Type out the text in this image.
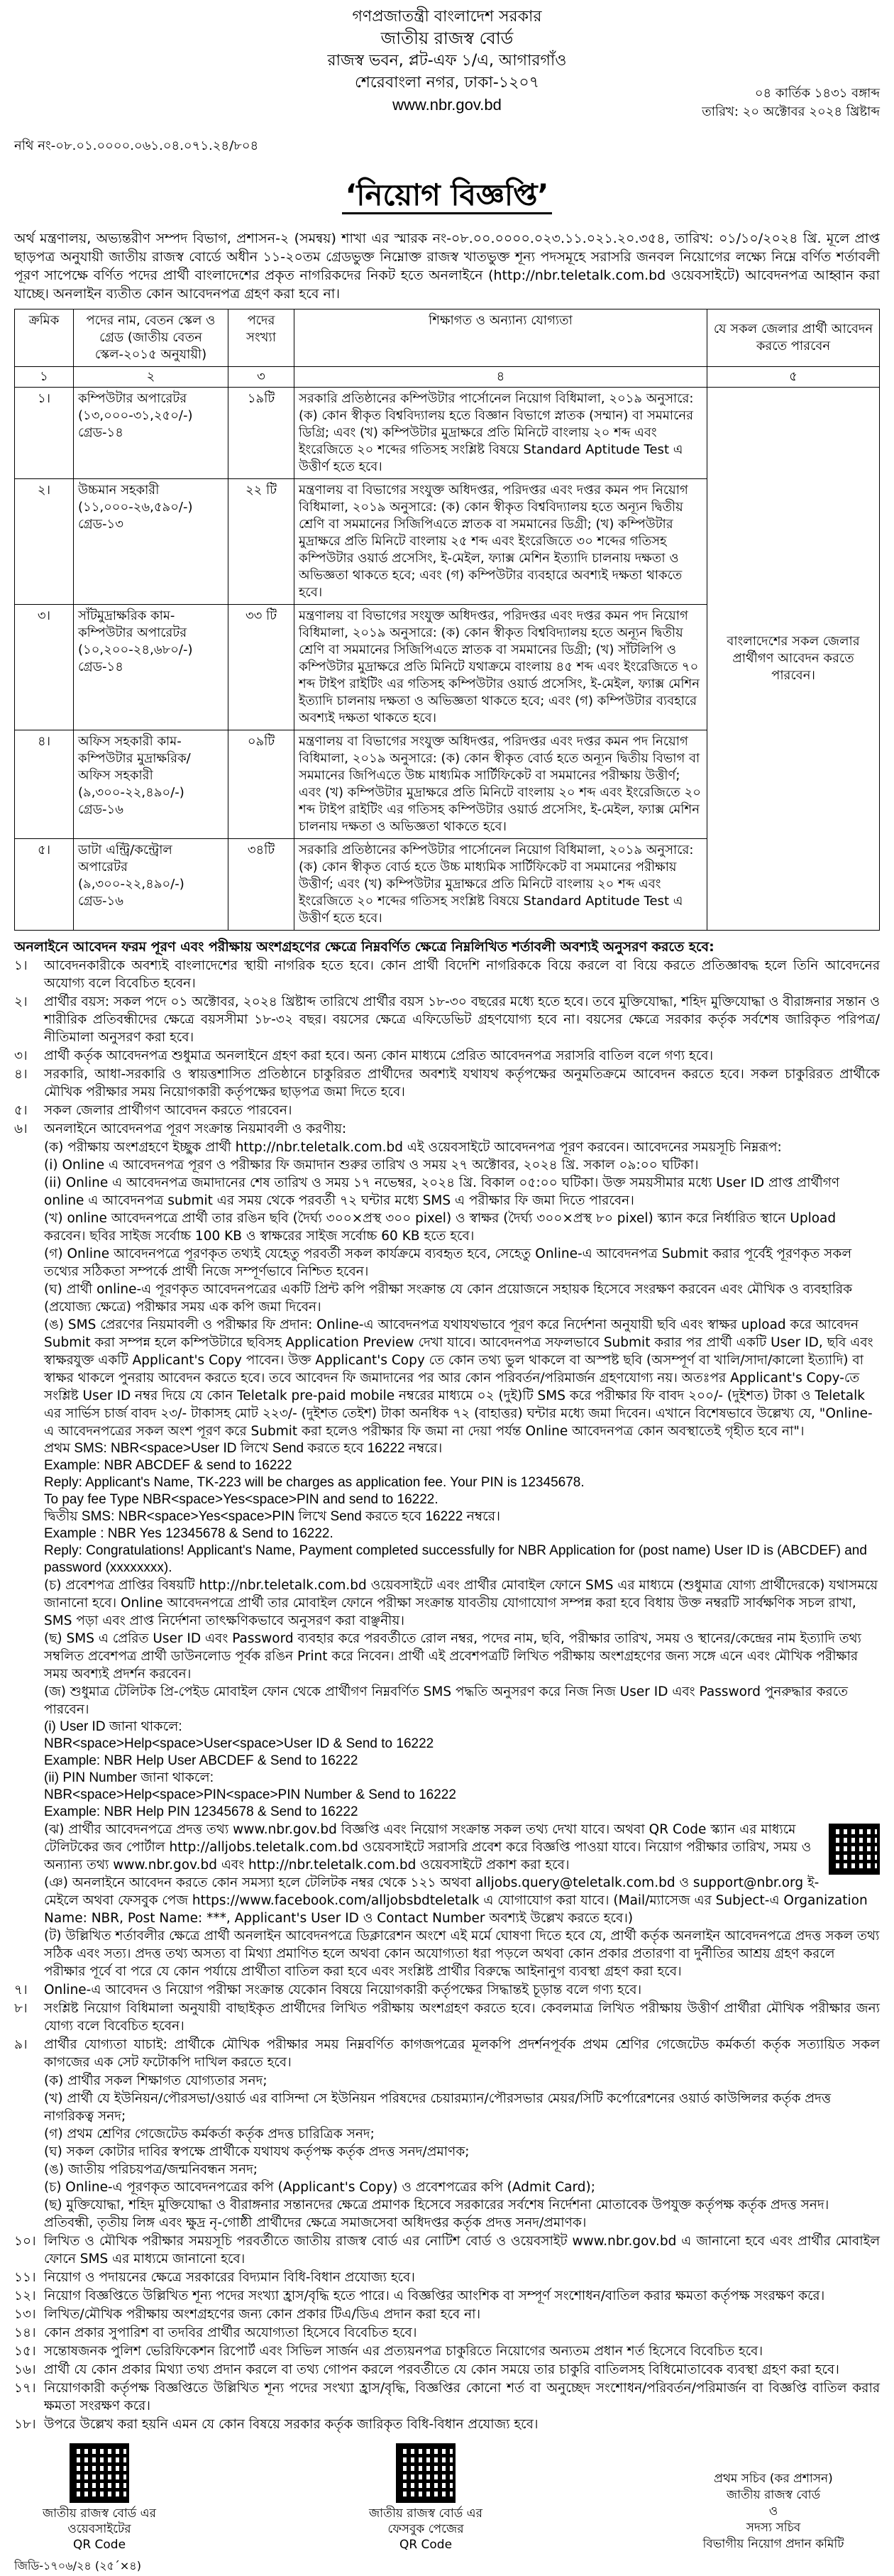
গণপ্রজাতন্ত্রী বাংলাদেশ সরকার
জাতীয় রাজস্ব বোর্ড
রাজস্ব ভবন, প্লট-এফ ১/এ, আগারগাঁও
শেরেবাংলা নগর, ঢাকা-১২০৭
www.nbr.gov.bd
০৪ কার্তিক ১৪৩১ বঙ্গাব্দ
তারিখ: ২০ অক্টোবর ২০২৪ খ্রিষ্টাব্দ
নথি নং-০৮.০১.০০০০.০৬১.০৪.০৭১.২৪/৮০৪
‘নিয়োগ বিজ্ঞপ্তি’
অর্থ মন্ত্রণালয়, অভ্যন্তরীণ সম্পদ বিভাগ, প্রশাসন-২ (সমন্বয়) শাখা এর স্মারক নং-০৮.০০.০০০০.০২৩.১১.০২১.২০.৩৫৪, তারিখ: ০১/১০/২০২৪ খ্রি. মূলে প্রাপ্ত ছাড়পত্র অনুযায়ী জাতীয় রাজস্ব বোর্ডে অধীন ১১-২০তম গ্রেডভুক্ত নিম্নোক্ত রাজস্ব খাতভুক্ত শূন্য পদসমূহে সরাসরি জনবল নিয়োগের লক্ষ্যে নিম্নে বর্ণিত শর্তাবলী পূরণ সাপেক্ষে বর্ণিত পদের প্রার্থী বাংলাদেশের প্রকৃত নাগরিকদের নিকট হতে অনলাইনে (http://nbr.teletalk.com.bd ওয়েবসাইটে) আবেদনপত্র আহ্বান করা যাচ্ছে। অনলাইন ব্যতীত কোন আবেদনপত্র গ্রহণ করা হবে না।
ক্রমিক	পদের নাম, বেতন স্কেল ও গ্রেড (জাতীয় বেতন স্কেল-২০১৫ অনুযায়ী)	পদের সংখ্যা	শিক্ষাগত ও অন্যান্য যোগ্যতা	যে সকল জেলার প্রার্থী আবেদন করতে পারবেন
১	২	৩	৪	৫
১।	কম্পিউটার অপারেটর (১৩,০০০-৩১,২৫০/-) গ্রেড-১৪	১৯টি	সরকারি প্রতিষ্ঠানের কম্পিউটার পার্সোনেল নিয়োগ বিধিমালা, ২০১৯ অনুসারে: (ক) কোন স্বীকৃত বিশ্ববিদ্যালয় হতে বিজ্ঞান বিভাগে স্নাতক (সম্মান) বা সমমানের ডিগ্রি; এবং (খ) কম্পিউটার মুদ্রাক্ষরে প্রতি মিনিটে বাংলায় ২০ শব্দ এবং ইংরেজিতে ২০ শব্দের গতিসহ সংশ্লিষ্ট বিষয়ে Standard Aptitude Test এ উত্তীর্ণ হতে হবে।	বাংলাদেশের সকল জেলার প্রার্থীগণ আবেদন করতে পারবেন।
২।	উচ্চমান সহকারী (১১,০০০-২৬,৫৯০/-) গ্রেড-১৩	২২ টি	মন্ত্রণালয় বা বিভাগের সংযুক্ত অধিদপ্তর, পরিদপ্তর এবং দপ্তর কমন পদ নিয়োগ বিধিমালা, ২০১৯ অনুসারে: (ক) কোন স্বীকৃত বিশ্ববিদ্যালয় হতে অন্যূন দ্বিতীয় শ্রেণি বা সমমানের সিজিপিএতে স্নাতক বা সমমানের ডিগ্রী; (খ) কম্পিউটার মুদ্রাক্ষরে প্রতি মিনিটে বাংলায় ২৫ শব্দ এবং ইংরেজিতে ৩০ শব্দের গতিসহ কম্পিউটার ওয়ার্ড প্রসেসিং, ই-মেইল, ফ্যাক্স মেশিন ইত্যাদি চালনায় দক্ষতা ও অভিজ্ঞতা থাকতে হবে; এবং (গ) কম্পিউটার ব্যবহারে অবশ্যই দক্ষতা থাকতে হবে।	
৩।	সাঁটমুদ্রাক্ষরিক কাম-কম্পিউটার অপারেটর (১০,২০০-২৪,৬৮০/-) গ্রেড-১৪	৩৩ টি	মন্ত্রণালয় বা বিভাগের সংযুক্ত অধিদপ্তর, পরিদপ্তর এবং দপ্তর কমন পদ নিয়োগ বিধিমালা, ২০১৯ অনুসারে: (ক) কোন স্বীকৃত বিশ্ববিদ্যালয় হতে অন্যূন দ্বিতীয় শ্রেণি বা সমমানের সিজিপিএতে স্নাতক বা সমমানের ডিগ্রী; (খ) সাঁটলিপি ও কম্পিউটার মুদ্রাক্ষরে প্রতি মিনিটে যথাক্রমে বাংলায় ৪৫ শব্দ এবং ইংরেজিতে ৭০ শব্দ টাইপ রাইটিং এর গতিসহ কম্পিউটার ওয়ার্ড প্রসেসিং, ই-মেইল, ফ্যাক্স মেশিন ইত্যাদি চালনায় দক্ষতা ও অভিজ্ঞতা থাকতে হবে; এবং (গ) কম্পিউটার ব্যবহারে অবশ্যই দক্ষতা থাকতে হবে।	
৪।	অফিস সহকারী কাম-কম্পিউটার মুদ্রাক্ষরিক/ অফিস সহকারী (৯,৩০০-২২,৪৯০/-) গ্রেড-১৬	০৯টি	মন্ত্রণালয় বা বিভাগের সংযুক্ত অধিদপ্তর, পরিদপ্তর এবং দপ্তর কমন পদ নিয়োগ বিধিমালা, ২০১৯ অনুসারে: (ক) কোন স্বীকৃত বোর্ড হতে অন্যূন দ্বিতীয় বিভাগ বা সমমানের জিপিএতে উচ্চ মাধ্যমিক সার্টিফিকেট বা সমমানের পরীক্ষায় উত্তীর্ণ; এবং (খ) কম্পিউটার মুদ্রাক্ষরে প্রতি মিনিটে বাংলায় ২০ শব্দ এবং ইংরেজিতে ২০ শব্দ টাইপ রাইটিং এর গতিসহ কম্পিউটার ওয়ার্ড প্রসেসিং, ই-মেইল, ফ্যাক্স মেশিন চালনায় দক্ষতা ও অভিজ্ঞতা থাকতে হবে।	
৫।	ডাটা এন্ট্রি/কন্ট্রোল অপারেটর (৯,৩০০-২২,৪৯০/-) গ্রেড-১৬	৩৪টি	সরকারি প্রতিষ্ঠানের কম্পিউটার পার্সোনেল নিয়োগ বিধিমালা, ২০১৯ অনুসারে: (ক) কোন স্বীকৃত বোর্ড হতে উচ্চ মাধ্যমিক সার্টিফিকেট বা সমমানের পরীক্ষায় উত্তীর্ণ; এবং (খ) কম্পিউটার মুদ্রাক্ষরে প্রতি মিনিটে বাংলায় ২০ শব্দ এবং ইংরেজিতে ২০ শব্দের গতিসহ সংশ্লিষ্ট বিষয়ে Standard Aptitude Test এ উত্তীর্ণ হতে হবে।	
অনলাইনে আবেদন ফরম পূরণ এবং পরীক্ষায় অংশগ্রহণের ক্ষেত্রে নিম্নবর্ণিত ক্ষেত্রে নিম্নলিখিত শর্তাবলী অবশ্যই অনুসরণ করতে হবে:
১।	আবেদনকারীকে অবশ্যই বাংলাদেশের স্থায়ী নাগরিক হতে হবে। কোন প্রার্থী বিদেশি নাগরিককে বিয়ে করলে বা বিয়ে করতে প্রতিজ্ঞাবদ্ধ হলে তিনি আবেদনের অযোগ্য বলে বিবেচিত হবেন।
২।	প্রার্থীর বয়স: সকল পদে ০১ অক্টোবর, ২০২৪ খ্রিষ্টাব্দ তারিখে প্রার্থীর বয়স ১৮-৩০ বছরের মধ্যে হতে হবে। তবে মুক্তিযোদ্ধা, শহিদ মুক্তিযোদ্ধা ও বীরাঙ্গনার সন্তান ও শারীরিক প্রতিবন্ধীদের ক্ষেত্রে বয়সসীমা ১৮-৩২ বছর। বয়সের ক্ষেত্রে এফিডেভিট গ্রহণযোগ্য হবে না। বয়সের ক্ষেত্রে সরকার কর্তৃক সর্বশেষ জারিকৃত পরিপত্র/নীতিমালা অনুসরণ করা হবে।
৩।	প্রার্থী কর্তৃক আবেদনপত্র শুধুমাত্র অনলাইনে গ্রহণ করা হবে। অন্য কোন মাধ্যমে প্রেরিত আবেদনপত্র সরাসরি বাতিল বলে গণ্য হবে।
৪।	সরকারি, আধা-সরকারি ও স্বায়ত্তশাসিত প্রতিষ্ঠানে চাকুরিরত প্রার্থীদের অবশ্যই যথাযথ কর্তৃপক্ষের অনুমতিক্রমে আবেদন করতে হবে। সকল চাকুরিরত প্রার্থীকে মৌখিক পরীক্ষার সময় নিয়োগকারী কর্তৃপক্ষের ছাড়পত্র জমা দিতে হবে।
৫।	সকল জেলার প্রার্থীগণ আবেদন করতে পারবেন।
৬।	অনলাইনে আবেদনপত্র পূরণ সংক্রান্ত নিয়মাবলী ও করণীয়:
(ক) পরীক্ষায় অংশগ্রহণে ইচ্ছুক প্রার্থী http://nbr.teletalk.com.bd এই ওয়েবসাইটে আবেদনপত্র পূরণ করবেন। আবেদনের সময়সূচি নিম্নরূপ:
(i) Online এ আবেদনপত্র পূরণ ও পরীক্ষার ফি জমাদান শুরুর তারিখ ও সময় ২৭ অক্টোবর, ২০২৪ খ্রি. সকাল ০৯:০০ ঘটিকা।
(ii) Online এ আবেদনপত্র জমাদানের শেষ তারিখ ও সময় ১৭ নভেম্বর, ২০২৪ খ্রি. বিকাল ০৫:০০ ঘটিকা। উক্ত সময়সীমার মধ্যে User ID প্রাপ্ত প্রার্থীগণ online এ আবেদনপত্র submit এর সময় থেকে পরবর্তী ৭২ ঘন্টার মধ্যে SMS এ পরীক্ষার ফি জমা দিতে পারবেন।
(খ) online আবেদনপত্রে প্রার্থী তার রঙিন ছবি (দৈর্ঘ্য ৩০০×প্রস্থ ৩০০ pixel) ও স্বাক্ষর (দৈর্ঘ্য ৩০০×প্রস্থ ৮০ pixel) স্ক্যান করে নির্ধারিত স্থানে Upload করবেন। ছবির সাইজ সর্বোচ্চ 100 KB ও স্বাক্ষরের সাইজ সর্বোচ্চ 60 KB হতে হবে।
(গ) Online আবেদনপত্রে পূরণকৃত তথ্যই যেহেতু পরবর্তী সকল কার্যক্রমে ব্যবহৃত হবে, সেহেতু Online-এ আবেদনপত্র Submit করার পূর্বেই পূরণকৃত সকল তথ্যের সঠিকতা সম্পর্কে প্রার্থী নিজে সম্পূর্ণভাবে নিশ্চিত হবেন।
(ঘ) প্রার্থী online-এ পূরণকৃত আবেদনপত্রের একটি প্রিন্ট কপি পরীক্ষা সংক্রান্ত যে কোন প্রয়োজনে সহায়ক হিসেবে সংরক্ষণ করবেন এবং মৌখিক ও ব্যবহারিক (প্রযোজ্য ক্ষেত্রে) পরীক্ষার সময় এক কপি জমা দিবেন।
(ঙ) SMS প্রেরণের নিয়মাবলী ও পরীক্ষার ফি প্রদান: Online-এ আবেদনপত্র যথাযথভাবে পূরণ করে নির্দেশনা অনুযায়ী ছবি এবং স্বাক্ষর upload করে আবেদন Submit করা সম্পন্ন হলে কম্পিউটারে ছবিসহ Application Preview দেখা যাবে। আবেদনপত্র সফলভাবে Submit করার পর প্রার্থী একটি User ID, ছবি এবং স্বাক্ষরযুক্ত একটি Applicant's Copy পাবেন। উক্ত Applicant's Copy তে কোন তথ্য ভুল থাকলে বা অস্পষ্ট ছবি (অসম্পূর্ণ বা খালি/সাদা/কালো ইত্যাদি) বা স্বাক্ষর থাকলে পুনরায় আবেদন করতে হবে। তবে আবেদন ফি জমাদানের পর আর কোন পরিবর্তন/পরিমার্জন গ্রহণযোগ্য নয়। অতঃপর Applicant's Copy-তে সংশ্লিষ্ট User ID নম্বর দিয়ে যে কোন Teletalk pre-paid mobile নম্বরের মাধ্যমে ০২ (দুই)টি SMS করে পরীক্ষার ফি বাবদ ২০০/- (দুইশত) টাকা ও Teletalk এর সার্ভিস চার্জ বাবদ ২৩/- টাকাসহ মোট ২২৩/- (দুইশত তেইশ) টাকা অনধিক ৭২ (বাহাত্তর) ঘন্টার মধ্যে জমা দিবেন। এখানে বিশেষভাবে উল্লেখ্য যে, "Online-এ আবেদনপত্রের সকল অংশ পূরণ করে Submit করা হলেও পরীক্ষার ফি জমা না দেয়া পর্যন্ত Online আবেদনপত্র কোন অবস্থাতেই গৃহীত হবে না"।
প্রথম SMS: NBR<space>User ID লিখে Send করতে হবে 16222 নম্বরে।
Example: NBR ABCDEF & send to 16222
Reply: Applicant's Name, TK-223 will be charges as application fee. Your PIN is 12345678.
To pay fee Type NBR<space>Yes<space>PIN and send to 16222.
দ্বিতীয় SMS: NBR<space>Yes<space>PIN লিখে Send করতে হবে 16222 নম্বরে।
Example : NBR Yes 12345678 & Send to 16222.
Reply: Congratulations! Applicant's Name, Payment completed successfully for NBR Application for (post name) User ID is (ABCDEF) and password (xxxxxxxx).
(চ) প্রবেশপত্র প্রাপ্তির বিষয়টি http://nbr.teletalk.com.bd ওয়েবসাইটে এবং প্রার্থীর মোবাইল ফোনে SMS এর মাধ্যমে (শুধুমাত্র যোগ্য প্রার্থীদেরকে) যথাসময়ে জানানো হবে। Online আবেদনপত্রে প্রার্থী তার মোবাইল ফোনে পরীক্ষা সংক্রান্ত যাবতীয় যোগাযোগ সম্পন্ন করা হবে বিধায় উক্ত নম্বরটি সার্বক্ষণিক সচল রাখা, SMS পড়া এবং প্রাপ্ত নির্দেশনা তাৎক্ষণিকভাবে অনুসরণ করা বাঞ্ছনীয়।
(ছ) SMS এ প্রেরিত User ID এবং Password ব্যবহার করে পরবর্তীতে রোল নম্বর, পদের নাম, ছবি, পরীক্ষার তারিখ, সময় ও স্থানের/কেন্দ্রের নাম ইত্যাদি তথ্য সম্বলিত প্রবেশপত্র প্রার্থী ডাউনলোড পূর্বক রঙিন Print করে নিবেন। প্রার্থী এই প্রবেশপত্রটি লিখিত পরীক্ষায় অংশগ্রহণের জন্য সঙ্গে এনে এবং মৌখিক পরীক্ষার সময় অবশ্যই প্রদর্শন করবেন।
(জ) শুধুমাত্র টেলিটক প্রি-পেইড মোবাইল ফোন থেকে প্রার্থীগণ নিম্নবর্ণিত SMS পদ্ধতি অনুসরণ করে নিজ নিজ User ID এবং Password পুনরুদ্ধার করতে পারবেন।
(i) User ID জানা থাকলে:
NBR<space>Help<space>User<space>User ID & Send to 16222
Example: NBR Help User ABCDEF & Send to 16222
(ii) PIN Number জানা থাকলে:
NBR<space>Help<space>PIN<space>PIN Number & Send to 16222
Example: NBR Help PIN 12345678 & Send to 16222
(ঝ) প্রার্থীর আবেদনপত্রে প্রদত্ত তথ্য www.nbr.gov.bd বিজ্ঞপ্তি এবং নিয়োগ সংক্রান্ত সকল তথ্য দেখা যাবে। অথবা QR Code স্ক্যান এর মাধ্যমে টেলিটকের জব পোর্টাল http://alljobs.teletalk.com.bd ওয়েবসাইটে সরাসরি প্রবেশ করে বিজ্ঞপ্তি পাওয়া যাবে। নিয়োগ পরীক্ষার তারিখ, সময় ও অন্যান্য তথ্য www.nbr.gov.bd এবং http://nbr.teletalk.com.bd ওয়েবসাইটে প্রকাশ করা হবে।
(ঞ) অনলাইনে আবেদন করতে কোন সমস্যা হলে টেলিটক নম্বর থেকে ১২১ অথবা alljobs.query@teletalk.com.bd ও support@nbr.org ই-মেইলে অথবা ফেসবুক পেজ https://www.facebook.com/alljobsbdteletalk এ যোগাযোগ করা যাবে। (Mail/ম্যাসেজ এর Subject-এ Organization Name: NBR, Post Name: ***, Applicant's User ID ও Contact Number অবশ্যই উল্লেখ করতে হবে।)
(ট) উল্লিখিত শর্তাবলীর ক্ষেত্রে প্রার্থী অনলাইন আবেদনপত্রে ডিক্লারেশন অংশে এই মর্মে ঘোষণা দিতে হবে যে, প্রার্থী কর্তৃক অনলাইন আবেদনপত্রে প্রদত্ত সকল তথ্য সঠিক এবং সত্য। প্রদত্ত তথ্য অসত্য বা মিথ্যা প্রমাণিত হলে অথবা কোন অযোগ্যতা ধরা পড়লে অথবা কোন প্রকার প্রতারণা বা দুর্নীতির আশ্রয় গ্রহণ করলে পরীক্ষার পূর্বে বা পরে যে কোন পর্যায়ে প্রার্থীতা বাতিল করা হবে এবং সংশ্লিষ্ট প্রার্থীর বিরুদ্ধে আইনানুগ ব্যবস্থা গ্রহণ করা হবে।
৭।	Online-এ আবেদন ও নিয়োগ পরীক্ষা সংক্রান্ত যেকোন বিষয়ে নিয়োগকারী কর্তৃপক্ষের সিদ্ধান্তই চূড়ান্ত বলে গণ্য হবে।
৮।	সংশ্লিষ্ট নিয়োগ বিধিমালা অনুযায়ী বাছাইকৃত প্রার্থীদের লিখিত পরীক্ষায় অংশগ্রহণ করতে হবে। কেবলমাত্র লিখিত পরীক্ষায় উত্তীর্ণ প্রার্থীরা মৌখিক পরীক্ষার জন্য যোগ্য বলে বিবেচিত হবেন।
৯।	প্রার্থীর যোগ্যতা যাচাই: প্রার্থীকে মৌখিক পরীক্ষার সময় নিম্নবর্ণিত কাগজপত্রের মূলকপি প্রদর্শনপূর্বক প্রথম শ্রেণির গেজেটেড কর্মকর্তা কর্তৃক সত্যায়িত সকল কাগজের এক সেট ফটোকপি দাখিল করতে হবে।
(ক) প্রার্থীর সকল শিক্ষাগত যোগ্যতার সনদ;
(খ) প্রার্থী যে ইউনিয়ন/পৌরসভা/ওয়ার্ড এর বাসিন্দা সে ইউনিয়ন পরিষদের চেয়ারম্যান/পৌরসভার মেয়র/সিটি কর্পোরেশনের ওয়ার্ড কাউন্সিলর কর্তৃক প্রদত্ত নাগরিকত্ব সনদ;
(গ) প্রথম শ্রেণির গেজেটেড কর্মকর্তা কর্তৃক প্রদত্ত চারিত্রিক সনদ;
(ঘ) সকল কোটার দাবির স্বপক্ষে প্রার্থীকে যথাযথ কর্তৃপক্ষ কর্তৃক প্রদত্ত সনদ/প্রমাণক;
(ঙ) জাতীয় পরিচয়পত্র/জন্মনিবন্ধন সনদ;
(চ) Online-এ পূরণকৃত আবেদনপত্রের কপি (Applicant's Copy) ও প্রবেশপত্রের কপি (Admit Card);
(ছ) মুক্তিযোদ্ধা, শহিদ মুক্তিযোদ্ধা ও বীরাঙ্গনার সন্তানদের ক্ষেত্রে প্রমাণক হিসেবে সরকারের সর্বশেষ নির্দেশনা মোতাবেক উপযুক্ত কর্তৃপক্ষ কর্তৃক প্রদত্ত সনদ। প্রতিবন্ধী, তৃতীয় লিঙ্গ এবং ক্ষুদ্র নৃ-গোষ্ঠী প্রার্থীদের ক্ষেত্রে সমাজসেবা অধিদপ্তর কর্তৃক প্রদত্ত সনদ/প্রমাণক।
১০। লিখিত ও মৌখিক পরীক্ষার সময়সূচি পরবর্তীতে জাতীয় রাজস্ব বোর্ড এর নোটিশ বোর্ড ও ওয়েবসাইট www.nbr.gov.bd এ জানানো হবে এবং প্রার্থীর মোবাইল ফোনে SMS এর মাধ্যমে জানানো হবে।
১১। নিয়োগ ও পদায়নের ক্ষেত্রে সরকারের বিদ্যমান বিধি-বিধান প্রযোজ্য হবে।
১২। নিয়োগ বিজ্ঞপ্তিতে উল্লিখিত শূন্য পদের সংখ্যা হ্রাস/বৃদ্ধি হতে পারে। এ বিজ্ঞপ্তির আংশিক বা সম্পূর্ণ সংশোধন/বাতিল করার ক্ষমতা কর্তৃপক্ষ সংরক্ষণ করে।
১৩। লিখিত/মৌখিক পরীক্ষায় অংশগ্রহণের জন্য কোন প্রকার টিএ/ডিএ প্রদান করা হবে না।
১৪। কোন প্রকার সুপারিশ বা তদবির প্রার্থীর অযোগ্যতা হিসেবে বিবেচিত হবে।
১৫। সন্তোষজনক পুলিশ ভেরিফিকেশন রিপোর্ট এবং সিভিল সার্জন এর প্রত্যয়নপত্র চাকুরিতে নিয়োগের অন্যতম প্রধান শর্ত হিসেবে বিবেচিত হবে।
১৬। প্রার্থী যে কোন প্রকার মিথ্যা তথ্য প্রদান করলে বা তথ্য গোপন করলে পরবর্তীতে যে কোন সময়ে তার চাকুরি বাতিলসহ বিধিমোতাবেক ব্যবস্থা গ্রহণ করা হবে।
১৭। নিয়োগকারী কর্তৃপক্ষ বিজ্ঞপ্তিতে উল্লিখিত শূন্য পদের সংখ্যা হ্রাস/বৃদ্ধি, বিজ্ঞপ্তির কোনো শর্ত বা অনুচ্ছেদ সংশোধন/পরিবর্তন/পরিমার্জন বা বিজ্ঞপ্তি বাতিল করার ক্ষমতা সংরক্ষণ করে।
১৮। উপরে উল্লেখ করা হয়নি এমন যে কোন বিষয়ে সরকার কর্তৃক জারিকৃত বিধি-বিধান প্রযোজ্য হবে।
জাতীয় রাজস্ব বোর্ড এর
ওয়েবসাইটের
QR Code
জাতীয় রাজস্ব বোর্ড এর
ফেসবুক পেজের
QR Code
প্রথম সচিব (কর প্রশাসন)
জাতীয় রাজস্ব বোর্ড
ও
সদস্য সচিব
বিভাগীয় নিয়োগ প্রদান কমিটি
জিডি-১৭০৬/২৪ (২৫´×৪)
